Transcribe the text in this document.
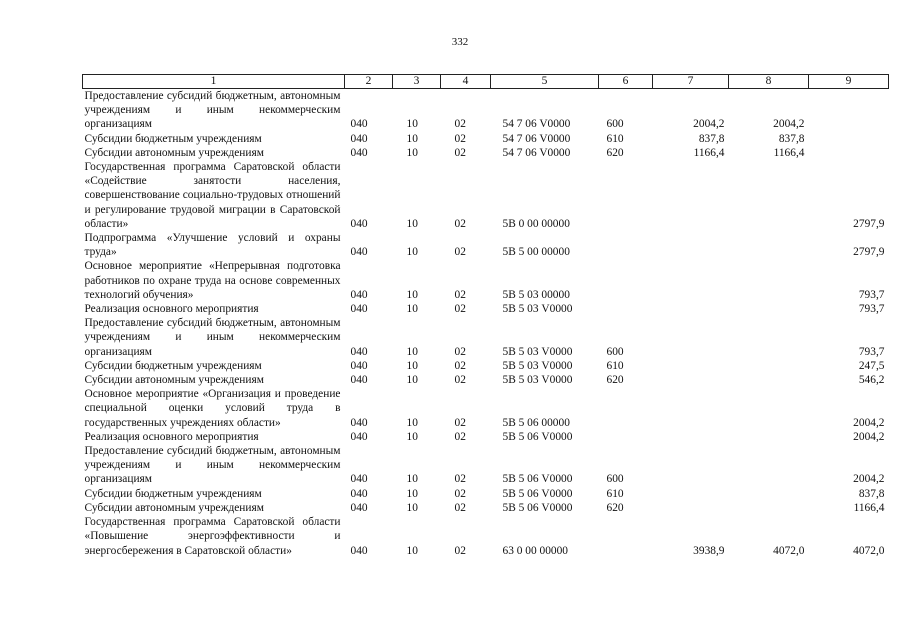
332
1	2	3	4	5	6	7	8	9
Предоставление субсидий бюджетным, автономным учреждениям и иным некоммерческим организациям	040	10	02	54 7 06 V0000	600	2004,2	2004,2	
Субсидии бюджетным учреждениям	040	10	02	54 7 06 V0000	610	837,8	837,8	
Субсидии автономным учреждениям	040	10	02	54 7 06 V0000	620	1166,4	1166,4	
Государственная программа Саратовской области «Содействие занятости населения, совершенствование социально-трудовых отношений и регулирование трудовой миграции в Саратовской области»	040	10	02	5В 0 00 00000				2797,9
Подпрограмма «Улучшение условий и охраны труда»	040	10	02	5В 5 00 00000				2797,9
Основное мероприятие «Непрерывная подготовка работников по охране труда на основе современных технологий обучения»	040	10	02	5В 5 03 00000				793,7
Реализация основного мероприятия	040	10	02	5В 5 03 V0000				793,7
Предоставление субсидий бюджетным, автономным учреждениям и иным некоммерческим организациям	040	10	02	5В 5 03 V0000	600			793,7
Субсидии бюджетным учреждениям	040	10	02	5В 5 03 V0000	610			247,5
Субсидии автономным учреждениям	040	10	02	5В 5 03 V0000	620			546,2
Основное мероприятие «Организация и проведение специальной оценки условий труда в государственных учреждениях области»	040	10	02	5В 5 06 00000				2004,2
Реализация основного мероприятия	040	10	02	5В 5 06 V0000				2004,2
Предоставление субсидий бюджетным, автономным учреждениям и иным некоммерческим организациям	040	10	02	5В 5 06 V0000	600			2004,2
Субсидии бюджетным учреждениям	040	10	02	5В 5 06 V0000	610			837,8
Субсидии автономным учреждениям	040	10	02	5В 5 06 V0000	620			1166,4
Государственная программа Саратовской области «Повышение энергоэффективности и энергосбережения в Саратовской области»	040	10	02	63 0 00 00000		3938,9	4072,0	4072,0
